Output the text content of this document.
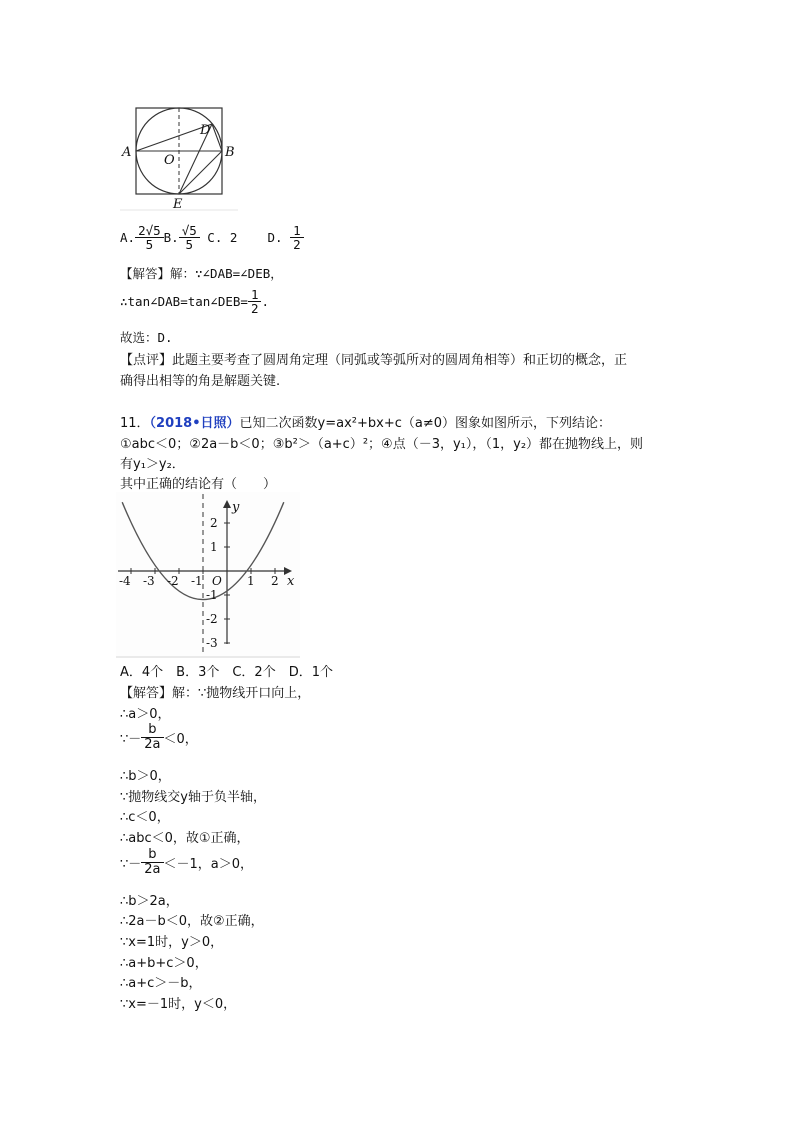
A	B
D
O
E
A. $\frac{2√5}{5} B$. $\frac{√5}{5} C$. 2 D. $\frac{1}{2}$
【解答】解：∵∠DAB=∠DEB，
∴tan∠DAB=tan∠DEB= $\frac{1}{2}$ .
故选：D.
【点评】此题主要考查了圆周角定理（同弧或等弧所对的圆周角相等）和正切的概念，正
确得出相等的角是解题关键.
11．（2018•日照）已知二次函数y=ax²+bx+c（a≠0）图象如图所示，下列结论：
①abc＜0；②2a－b＜0；③b²＞（a+c）²；④点（－3，y₁），（1，y₂）都在抛物线上，则
有y₁＞y₂．
其中正确的结论有（　　）
x
y
O
-4 -3 -2 -1	1 2
2
1
-1
-2
-3
A．4个　B．3个　C．2个　D．1个
【解答】解：∵抛物线开口向上，
∴a＞0，
∵－ $\frac{b}{2a} <0$，
∴b＞0，
∵抛物线交y轴于负半轴，
∴c＜0，
∴abc＜0，故①正确，
∵－ $\frac{b}{2a} <-1$，a＞0，
∴b＞2a，
∴2a－b＜0，故②正确，
∵x=1时，y＞0，
∴a+b+c＞0，
∴a+c＞－b，
∵x=－1时，y＜0，
